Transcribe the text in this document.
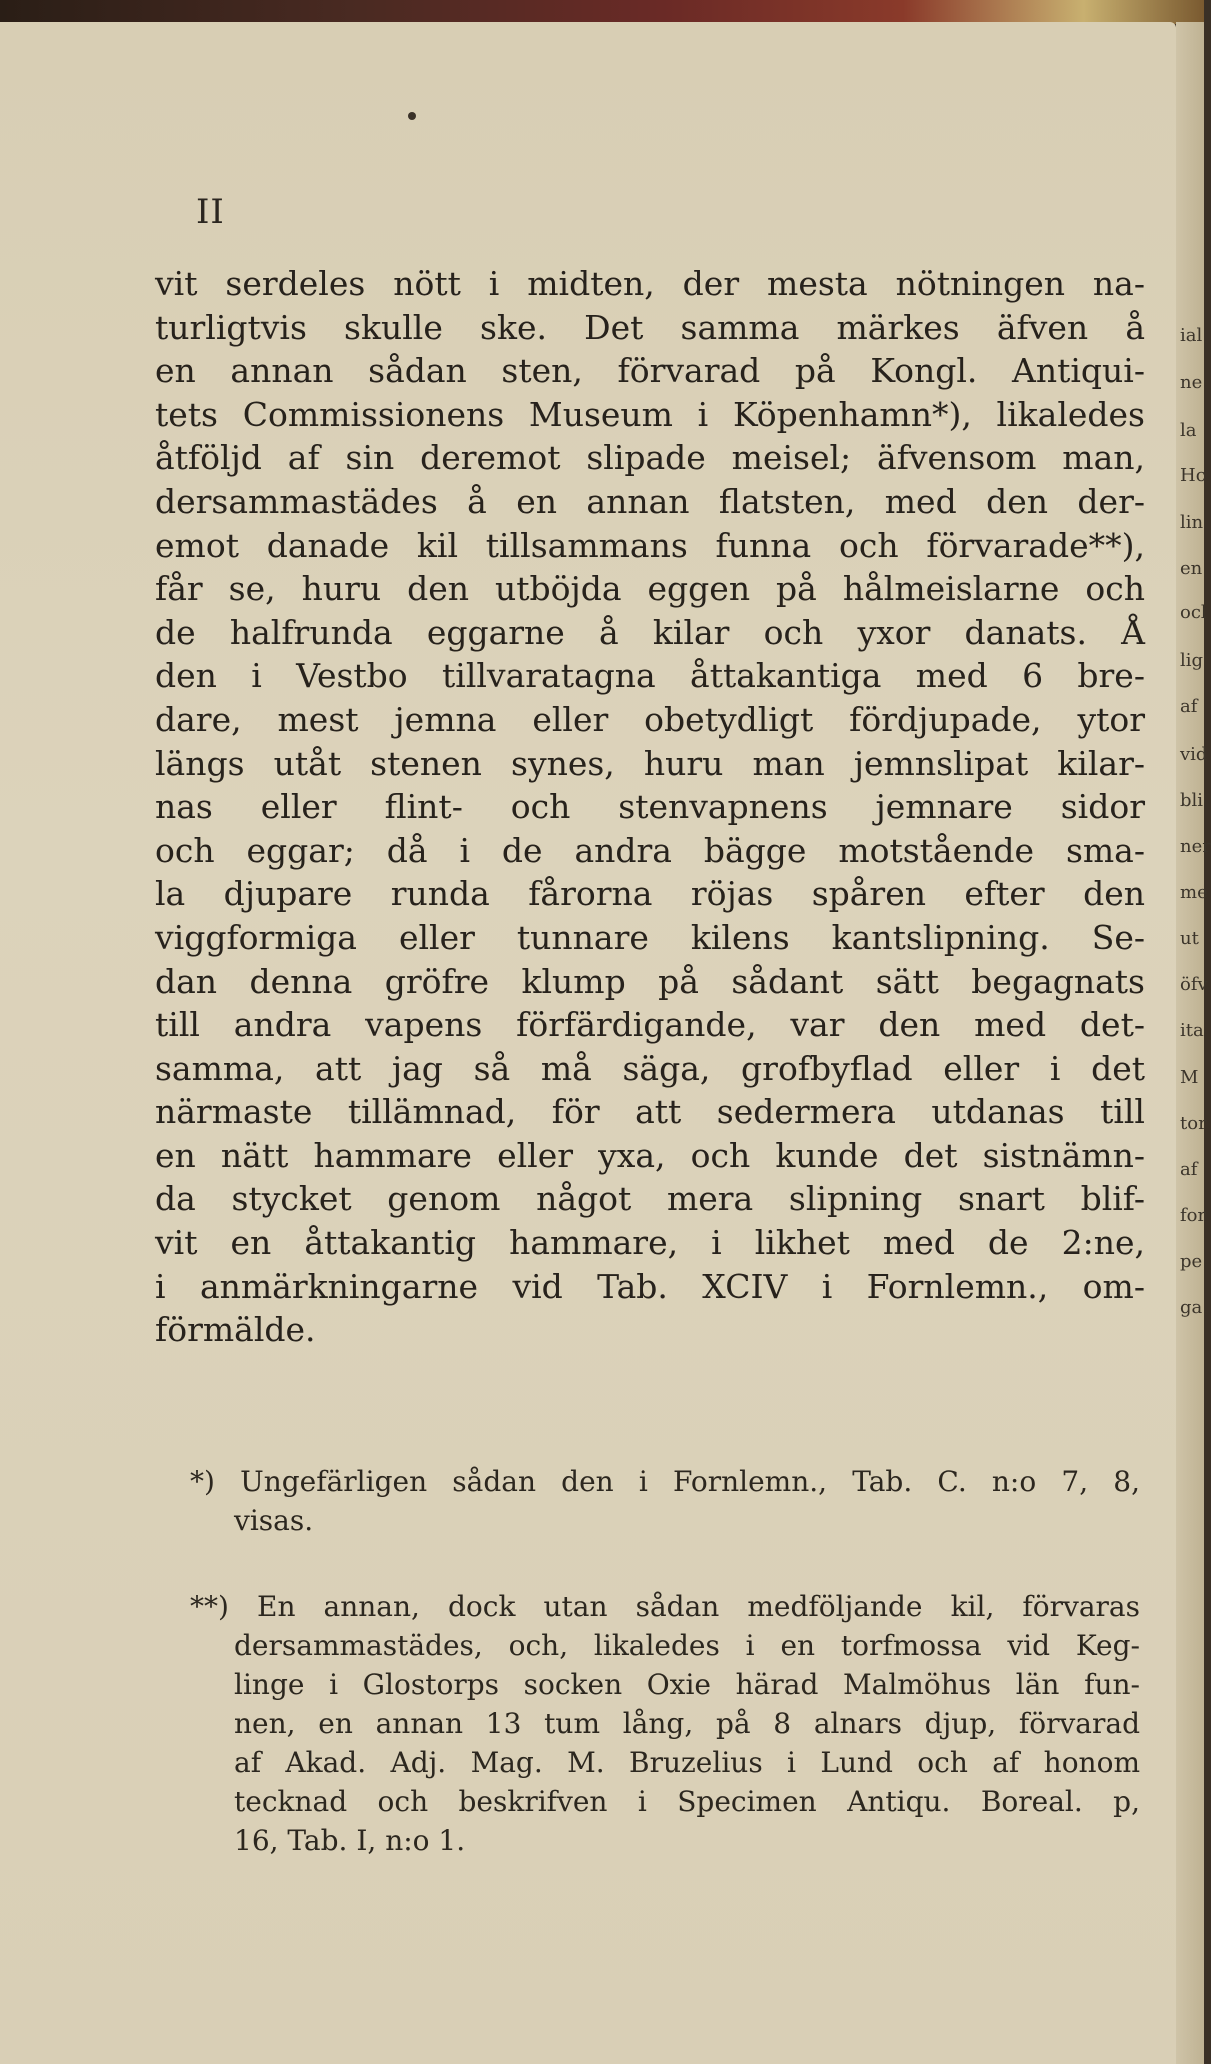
II
vit serdeles nött i midten, der mesta nötningen na-
turligtvis skulle ske. Det samma märkes äfven å
en annan sådan sten, förvarad på Kongl. Antiqui-
tets Commissionens Museum i Köpenhamn*), likaledes
åtföljd af sin deremot slipade meisel; äfvensom man,
dersammastädes å en annan flatsten, med den der-
emot danade kil tillsammans funna och förvarade**),
får se, huru den utböjda eggen på hålmeislarne och
de halfrunda eggarne å kilar och yxor danats. Å
den i Vestbo tillvaratagna åttakantiga med 6 bre-
dare, mest jemna eller obetydligt fördjupade, ytor
längs utåt stenen synes, huru man jemnslipat kilar-
nas eller flint- och stenvapnens jemnare sidor
och eggar; då i de andra bägge motstående sma-
la djupare runda fårorna röjas spåren efter den
viggformiga eller tunnare kilens kantslipning. Se-
dan denna gröfre klump på sådant sätt begagnats
till andra vapens förfärdigande, var den med det-
samma, att jag så må säga, grofbyflad eller i det
närmaste tillämnad, för att sedermera utdanas till
en nätt hammare eller yxa, och kunde det sistnämn-
da stycket genom något mera slipning snart blif-
vit en åttakantig hammare, i likhet med de 2:ne,
i anmärkningarne vid Tab. XCIV i Fornlemn., om-
förmälde.
*) Ungefärligen sådan den i Fornlemn., Tab. C. n:o 7, 8,
visas.
**) En annan, dock utan sådan medföljande kil, förvaras
dersammastädes, och, likaledes i en torfmossa vid Keg-
linge i Glostorps socken Oxie härad Malmöhus län fun-
nen, en annan 13 tum lång, på 8 alnars djup, förvarad
af Akad. Adj. Mag. M. Bruzelius i Lund och af honom
tecknad och beskrifven i Specimen Antiqu. Boreal. p,
16, Tab. I, n:o 1.
ial
ne
la
Hc
lin
en
ocl
lig
af
vid
bli
ner
me
ut
öfv
ita
M
tor
af
for
pe
ga
